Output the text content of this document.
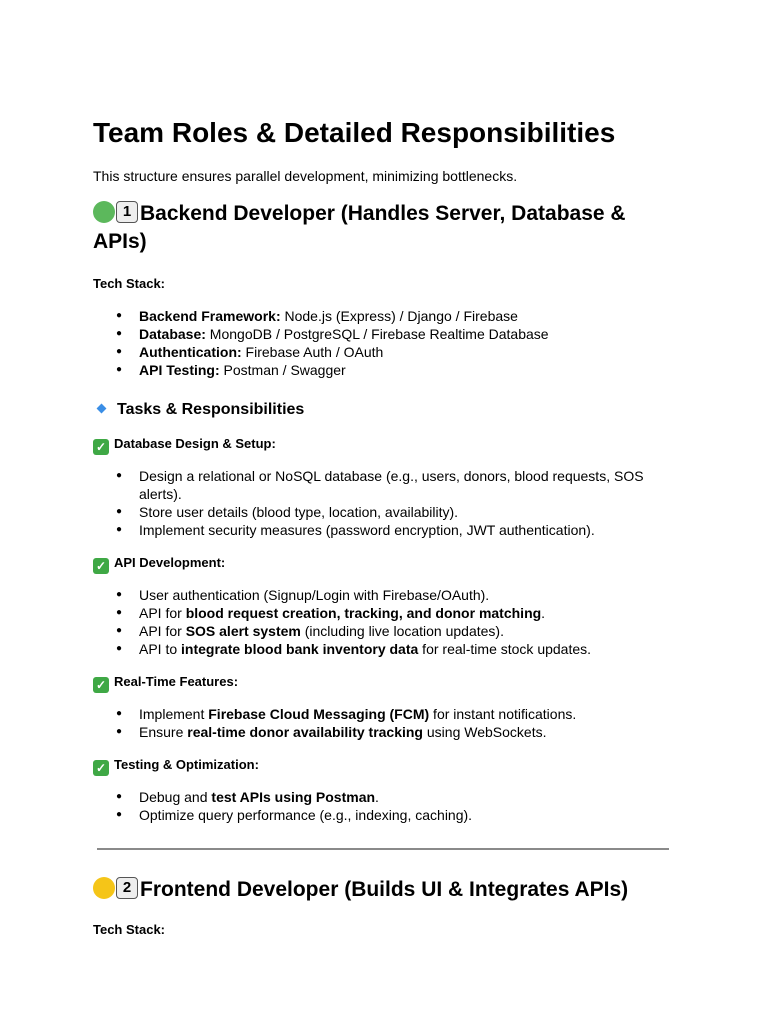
Team Roles & Detailed Responsibilities

This structure ensures parallel development, minimizing bottlenecks.

1 Backend Developer (Handles Server, Database & APIs)

Tech Stack:

● Backend Framework: Node.js (Express) / Django / Firebase
● Database: MongoDB / PostgreSQL / Firebase Realtime Database
● Authentication: Firebase Auth / OAuth
● API Testing: Postman / Swagger
Tasks & Responsibilities

✓ Database Design & Setup:

● Design a relational or NoSQL database (e.g., users, donors, blood requests, SOS alerts).
● Store user details (blood type, location, availability).
● Implement security measures (password encryption, JWT authentication).

✓ API Development:

● User authentication (Signup/Login with Firebase/OAuth).
● API for blood request creation, tracking, and donor matching.
● API for SOS alert system (including live location updates).
● API to integrate blood bank inventory data for real-time stock updates.

✓ Real-Time Features:

● Implement Firebase Cloud Messaging (FCM) for instant notifications.
● Ensure real-time donor availability tracking using WebSockets.

✓ Testing & Optimization:

● Debug and test APIs using Postman.
● Optimize query performance (e.g., indexing, caching).
2 Frontend Developer (Builds UI & Integrates APIs)

Tech Stack:
